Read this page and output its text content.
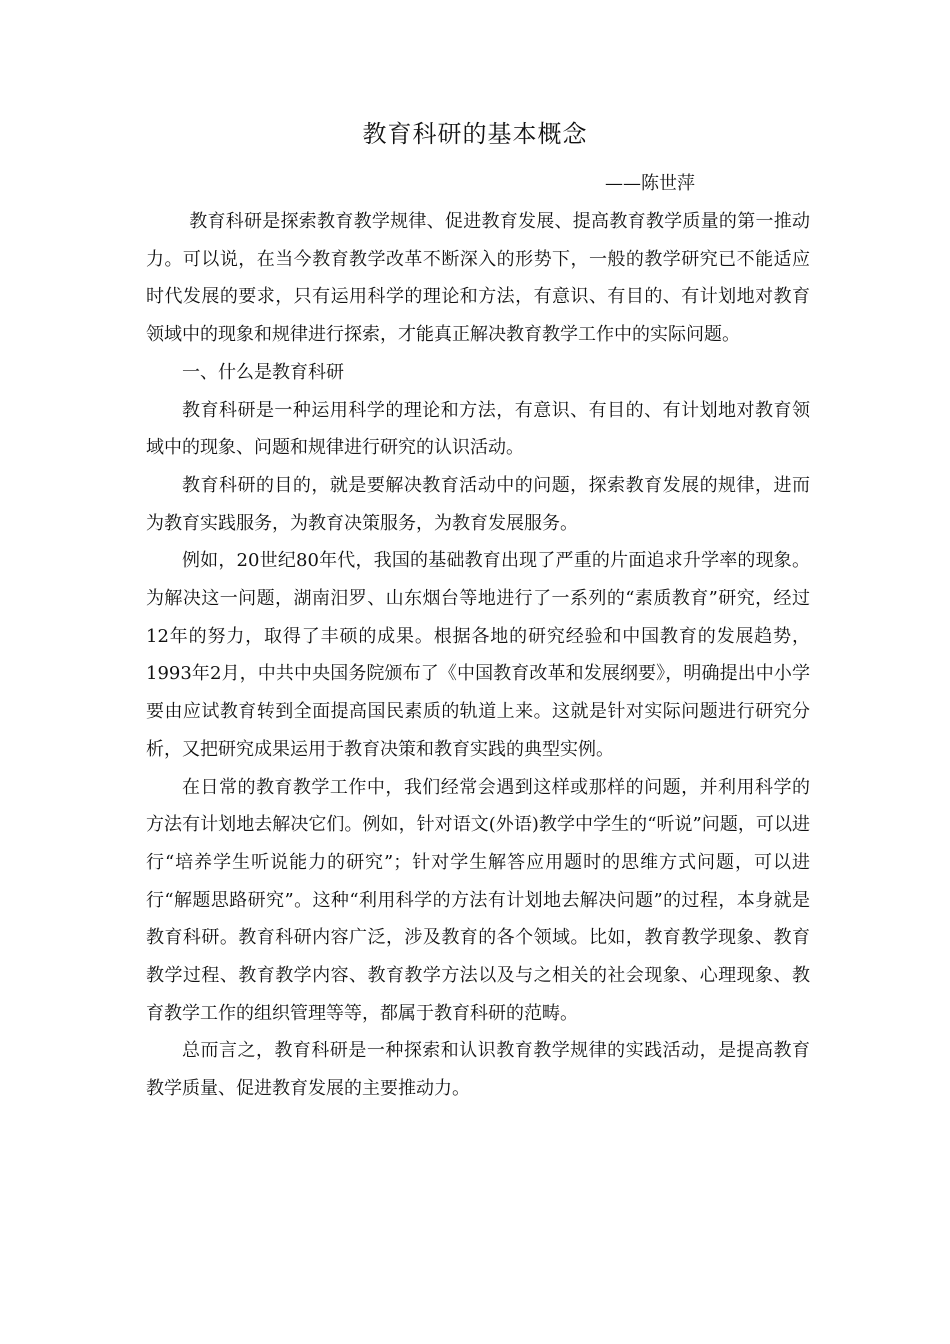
教育科研的基本概念
——陈世萍

教育科研是探索教育教学规律、促进教育发展、提高教育教学质量的第一推动力。可以说，在当今教育教学改革不断深入的形势下，一般的教学研究已不能适应时代发展的要求，只有运用科学的理论和方法，有意识、有目的、有计划地对教育领域中的现象和规律进行探索，才能真正解决教育教学工作中的实际问题。

一、什么是教育科研

教育科研是一种运用科学的理论和方法，有意识、有目的、有计划地对教育领域中的现象、问题和规律进行研究的认识活动。

教育科研的目的，就是要解决教育活动中的问题，探索教育发展的规律，进而为教育实践服务，为教育决策服务，为教育发展服务。

例如，20世纪80年代，我国的基础教育出现了严重的片面追求升学率的现象。为解决这一问题，湖南汨罗、山东烟台等地进行了一系列的“素质教育”研究，经过12年的努力，取得了丰硕的成果。根据各地的研究经验和中国教育的发展趋势，1993年2月，中共中央国务院颁布了《中国教育改革和发展纲要》，明确提出中小学要由应试教育转到全面提高国民素质的轨道上来。这就是针对实际问题进行研究分析，又把研究成果运用于教育决策和教育实践的典型实例。

在日常的教育教学工作中，我们经常会遇到这样或那样的问题，并利用科学的方法有计划地去解决它们。例如，针对语文(外语)教学中学生的“听说”问题，可以进行“培养学生听说能力的研究”；针对学生解答应用题时的思维方式问题，可以进行“解题思路研究”。这种“利用科学的方法有计划地去解决问题”的过程，本身就是教育科研。教育科研内容广泛，涉及教育的各个领域。比如，教育教学现象、教育教学过程、教育教学内容、教育教学方法以及与之相关的社会现象、心理现象、教育教学工作的组织管理等等，都属于教育科研的范畴。

总而言之，教育科研是一种探索和认识教育教学规律的实践活动，是提高教育教学质量、促进教育发展的主要推动力。
